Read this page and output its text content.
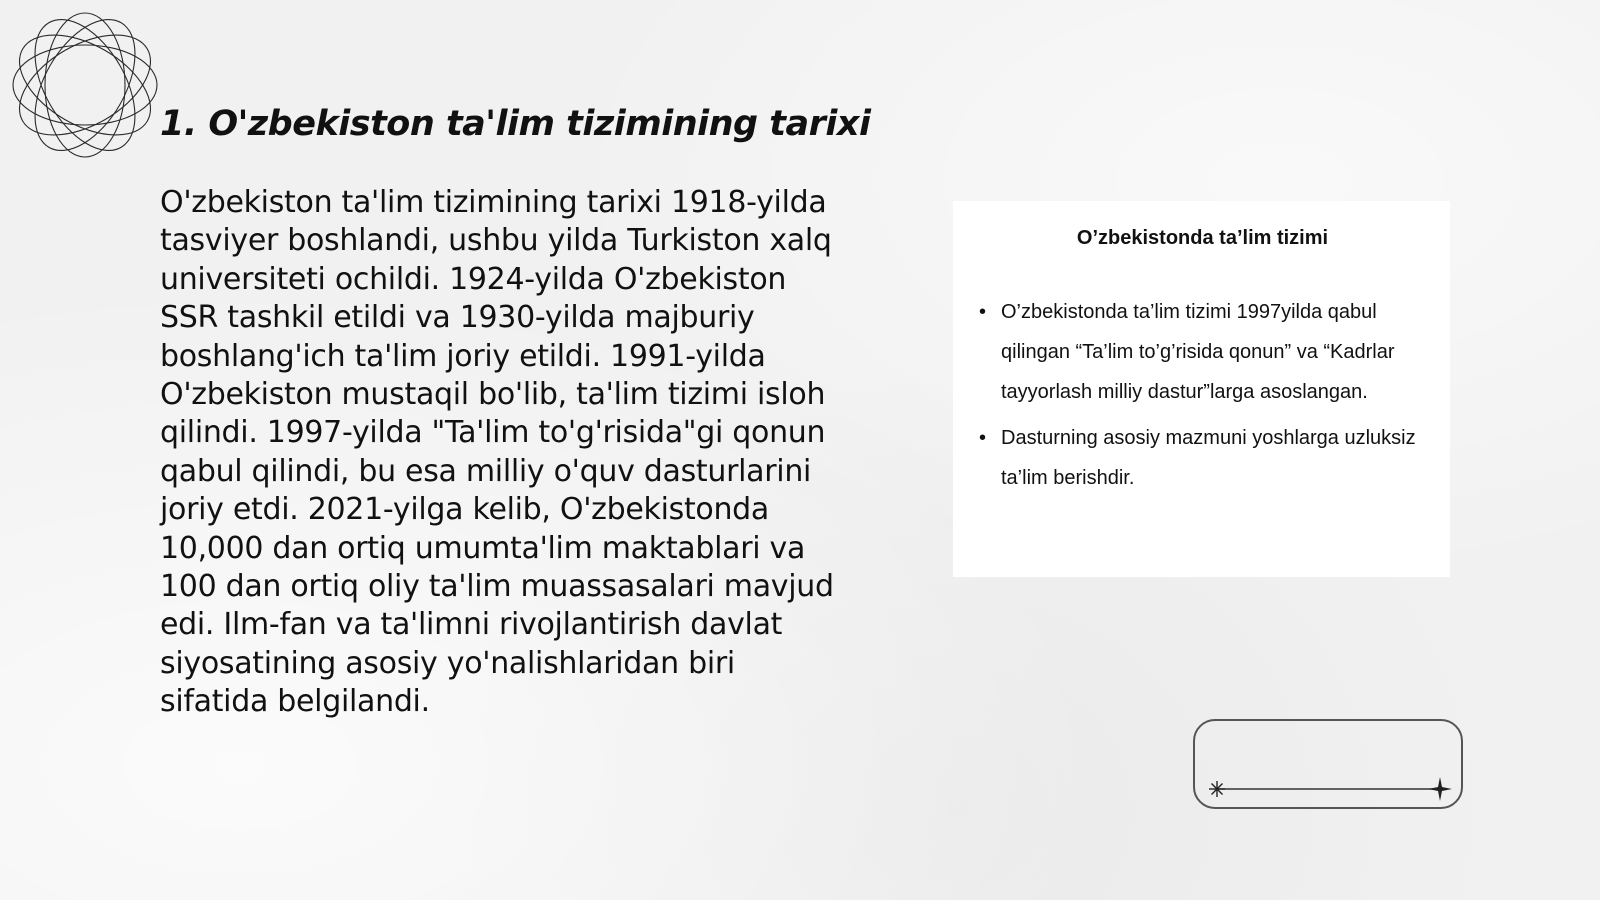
1. O'zbekiston ta'lim tizimining tarixi

O'zbekiston ta'lim tizimining tarixi 1918-yilda tasviyer boshlandi, ushbu yilda Turkiston xalq universiteti ochildi. 1924-yilda O'zbekiston SSR tashkil etildi va 1930-yilda majburiy boshlang'ich ta'lim joriy etildi. 1991-yilda O'zbekiston mustaqil bo'lib, ta'lim tizimi isloh qilindi. 1997-yilda "Ta'lim to'g'risida"gi qonun qabul qilindi, bu esa milliy o'quv dasturlarini joriy etdi. 2021-yilga kelib, O'zbekistonda 10,000 dan ortiq umumta'lim maktablari va 100 dan ortiq oliy ta'lim muassasalari mavjud edi. Ilm-fan va ta'limni rivojlantirish davlat siyosatining asosiy yo'nalishlaridan biri sifatida belgilandi.

O’zbekistonda ta’lim tizimi
• O’zbekistonda ta’lim tizimi 1997yilda qabul qilingan “Ta’lim to’g’risida qonun” va “Kadrlar tayyorlash milliy dastur”larga asoslangan.
• Dasturning asosiy mazmuni yoshlarga uzluksiz ta’lim berishdir.
